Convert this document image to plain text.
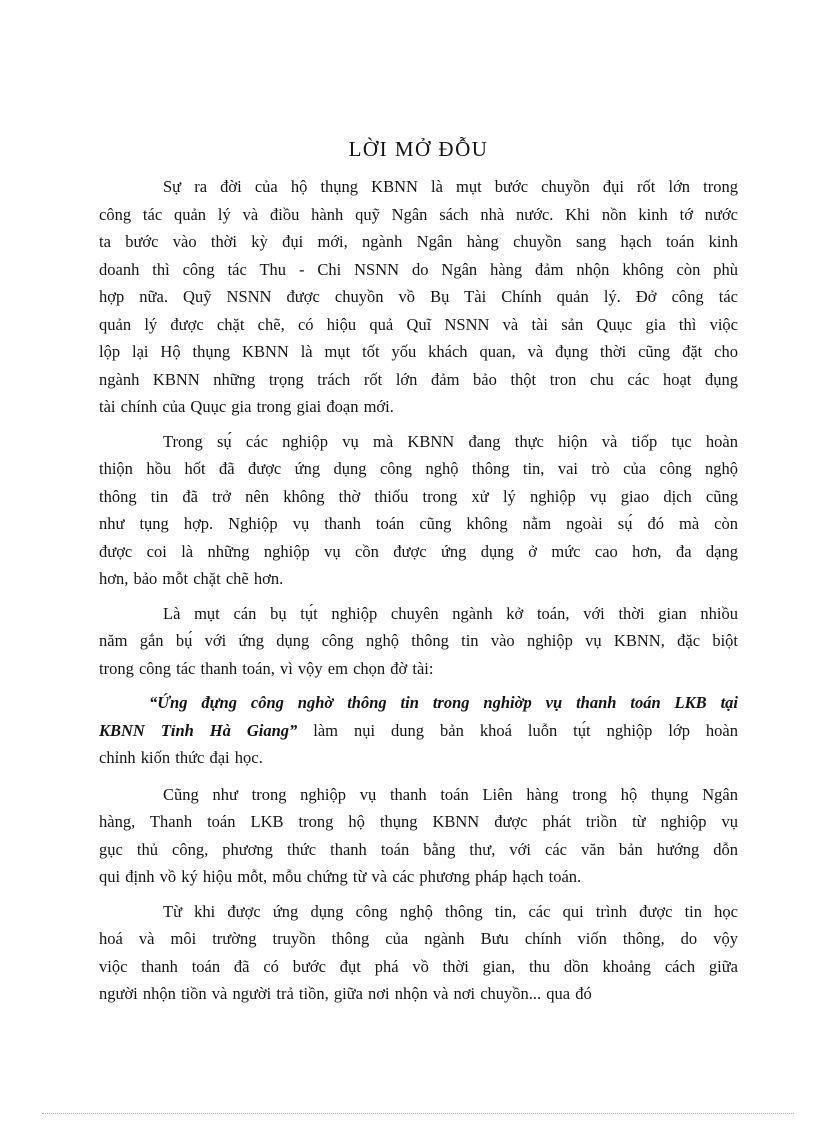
LỜI MỞ ĐỖU
Sự ra đời của hộ thụng KBNN là mụt bước chuyồn đụi rốt lớn trong
công tác quản lý và điồu hành quỹ Ngân sách nhà nước. Khi nồn kinh tớ nước
ta bước vào thời kỳ đụi mới, ngành Ngân hàng chuyồn sang hạch toán kinh
doanh thì công tác Thu - Chi NSNN do Ngân hàng đảm nhộn không còn phù
hợp nữa. Quỹ NSNN được chuyồn vồ Bụ Tài Chính quản lý. Đở công tác
quản lý được chặt chẽ, có hiộu quả Quĩ NSNN và tài sản Quục gia thì viộc
lộp lại Hộ thụng KBNN là mụt tốt yốu khách quan, và đụng thời cũng đặt cho
ngành KBNN những trọng trách rốt lớn đảm bảo thột tron chu các hoạt đụng
tài chính của Quục gia trong giai đoạn mới.
Trong sụ́ các nghiộp vụ mà KBNN đang thực hiộn và tiốp tục hoàn
thiộn hồu hốt đã được ứng dụng công nghộ thông tin, vai trò của công nghộ
thông tin đã trở nên không thờ thiốu trong xử lý nghiộp vụ giao dịch cũng
như tụng hợp. Nghiộp vụ thanh toán cũng không nằm ngoài sụ́ đó mà còn
được coi là những nghiộp vụ cồn được ứng dụng ở mức cao hơn, đa dạng
hơn, bảo mỗt chặt chẽ hơn.
Là mụt cán bụ tụ́t nghiộp chuyên ngành kở toán, với thời gian nhiồu
năm gắn bụ́ với ứng dụng công nghộ thông tin vào nghiộp vụ KBNN, đặc biột
trong công tác thanh toán, vì vộy em chọn đờ tài:
“Ứng đựng công nghờ thông tin trong nghiờp vụ thanh toán LKB tại
KBNN Tỉnh Hà Giang” làm nụi dung bản khoá luỗn tụ́t nghiộp lớp hoàn
chỉnh kiốn thức đại học.
Cũng như trong nghiộp vụ thanh toán Liên hàng trong hộ thụng Ngân
hàng, Thanh toán LKB trong hộ thụng KBNN được phát triồn từ nghiộp vụ
gục thủ công, phương thức thanh toán bằng thư, với các văn bản hướng dỗn
qui định vồ ký hiộu mỗt, mỗu chứng từ và các phương pháp hạch toán.
Từ khi được ứng dụng công nghộ thông tin, các qui trình được tin học
hoá và môi trường truyồn thông của ngành Bưu chính viốn thông, do vộy
viộc thanh toán đã có bước đụt phá vồ thời gian, thu dồn khoảng cách giữa
người nhộn tiồn và người trả tiồn, giữa nơi nhộn và nơi chuyồn... qua đó
